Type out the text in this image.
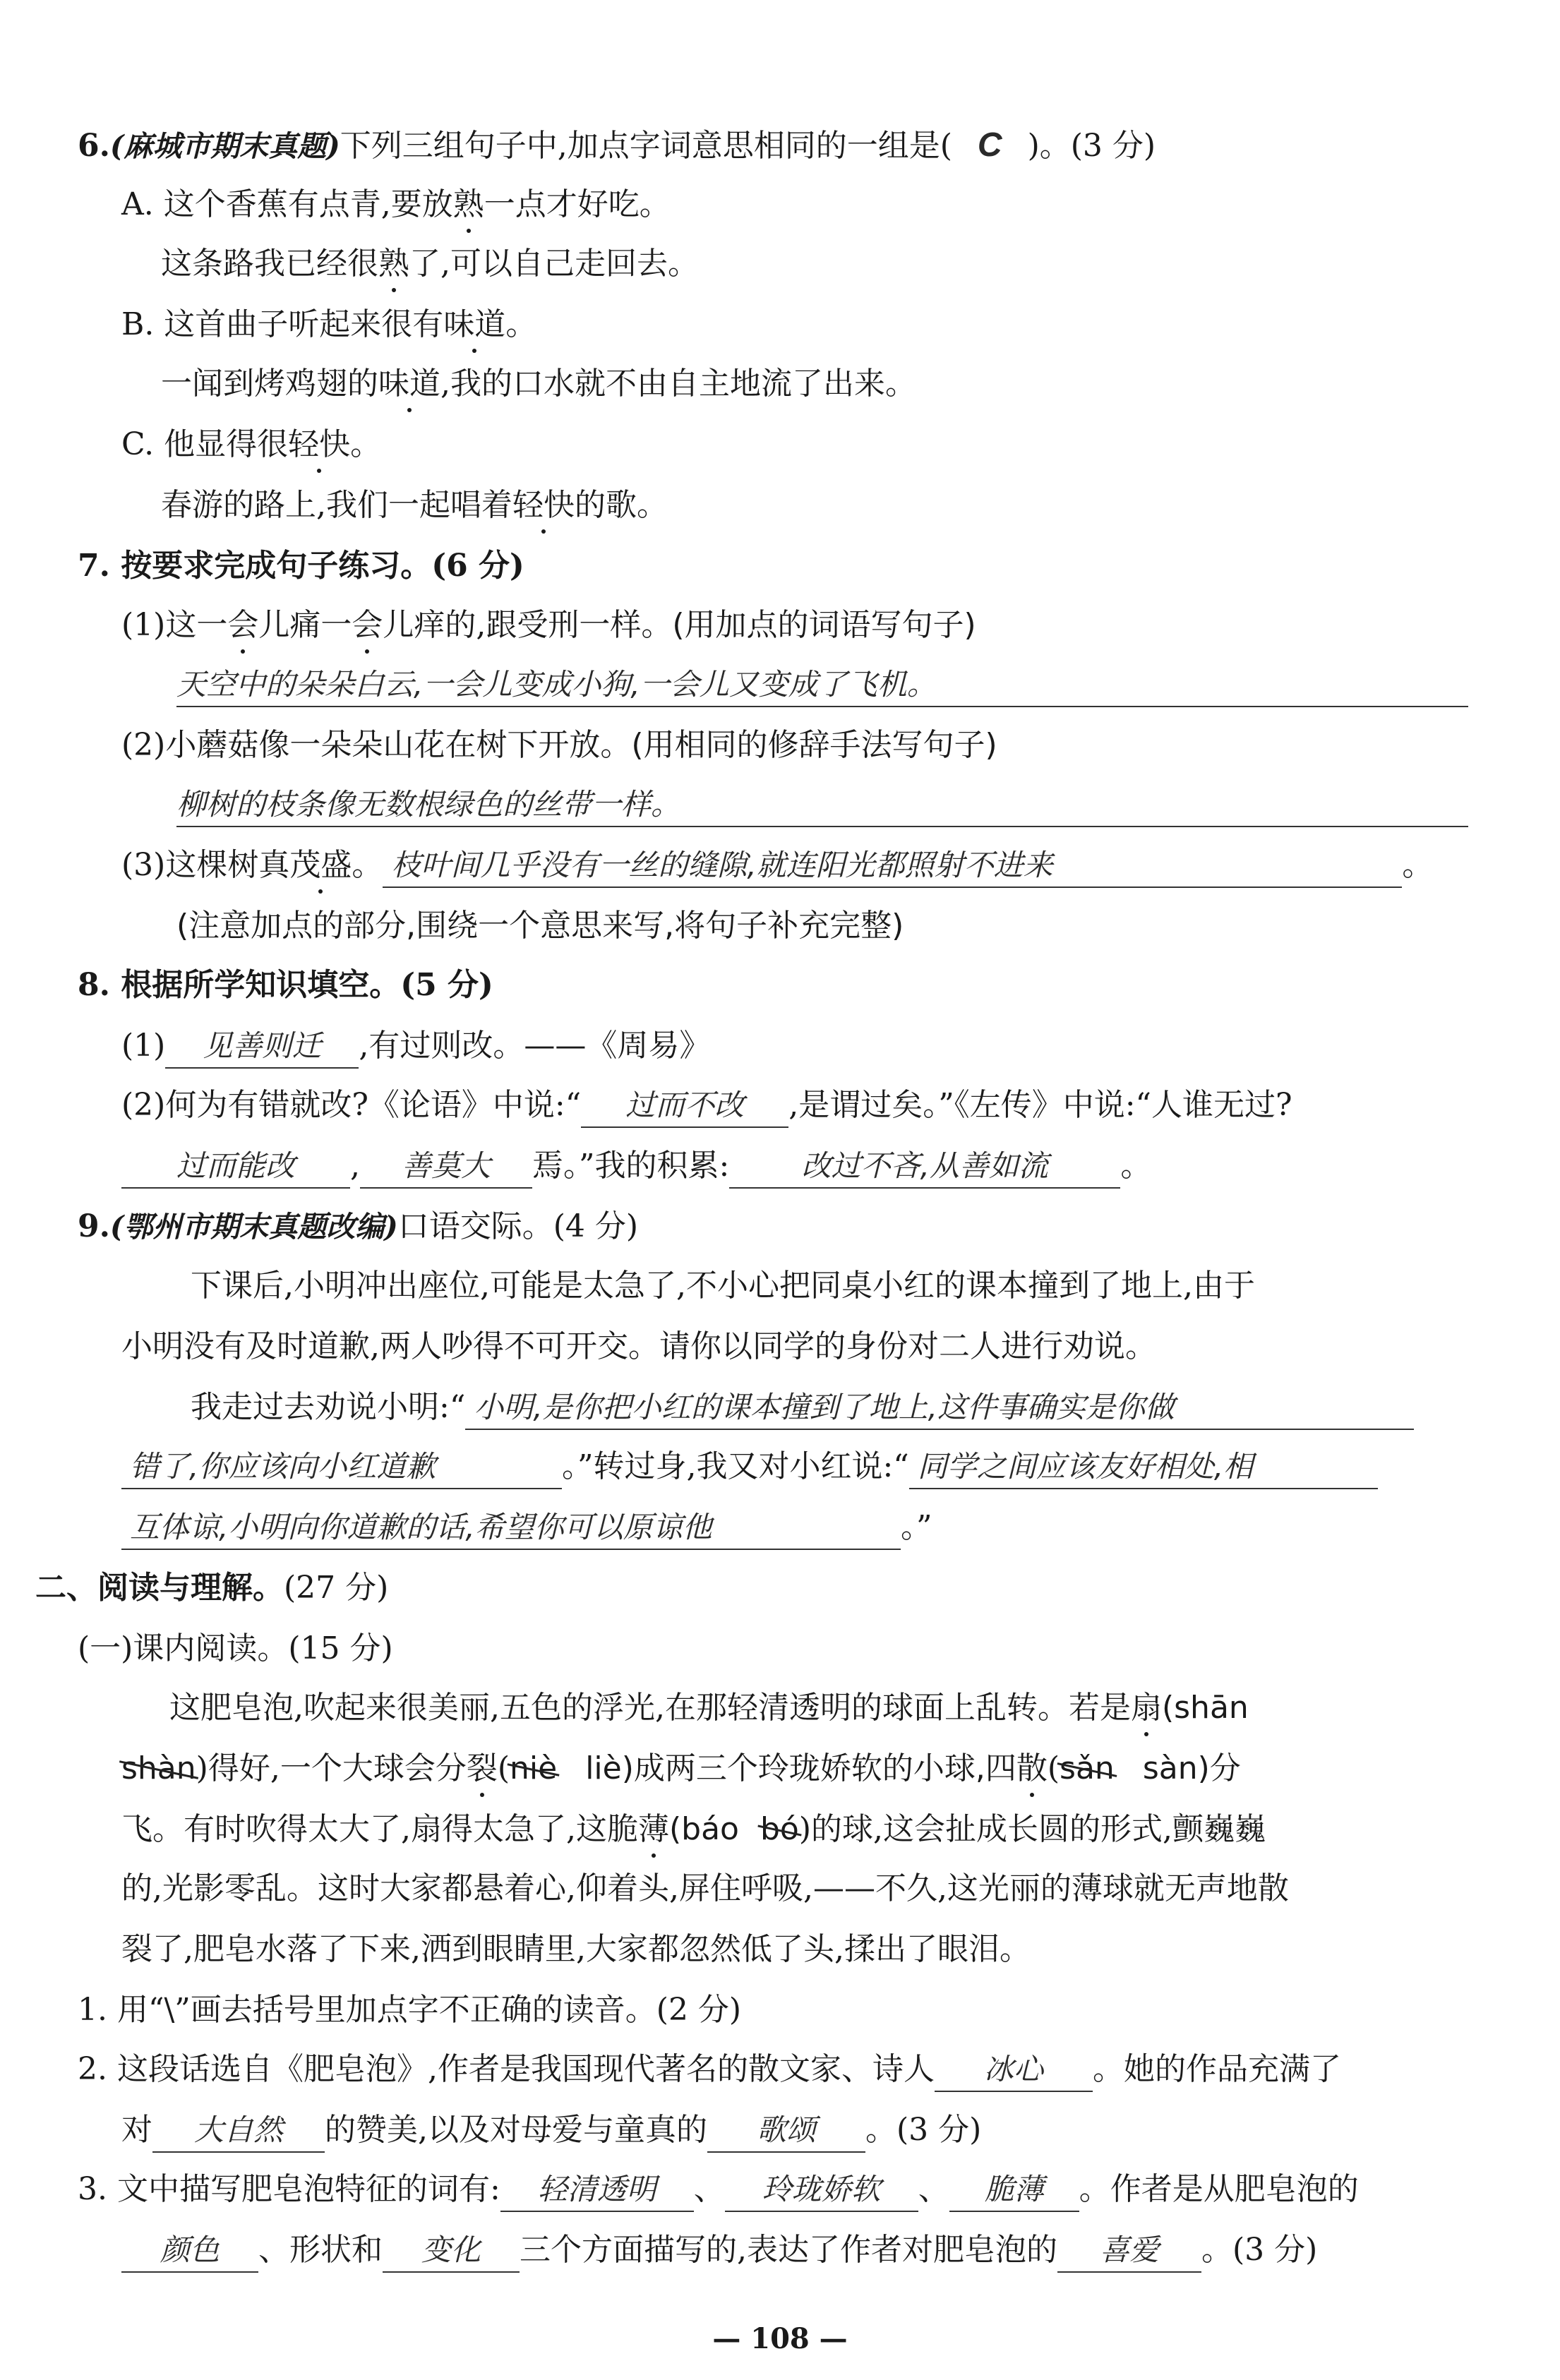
6.(麻城市期末真题)下列三组句子中,加点字词意思相同的一组是( C )。(3 分)
A. 这个香蕉有点青,要放熟一点才好吃。
这条路我已经很熟了,可以自己走回去。
B. 这首曲子听起来很有味道。
一闻到烤鸡翅的味道,我的口水就不由自主地流了出来。
C. 他显得很轻快。
春游的路上,我们一起唱着轻快的歌。
7. 按要求完成句子练习。(6 分)
(1)这一会儿痛一会儿痒的,跟受刑一样。(用加点的词语写句子)
天空中的朵朵白云,一会儿变成小狗,一会儿又变成了飞机。
(2)小蘑菇像一朵朵山花在树下开放。(用相同的修辞手法写句子)
柳树的枝条像无数根绿色的丝带一样。
(3)这棵树真茂盛。 枝叶间几乎没有一丝的缝隙,就连阳光都照射不进来	。
(注意加点的部分,围绕一个意思来写,将句子补充完整)
8. 根据所学知识填空。(5 分)
(1) 见善则迁 ,有过则改。——《周易》
(2)何为有错就改?《论语》中说:“ 过而不改 ,是谓过矣。”《左传》中说:“人谁无过?
过而能改 , 善莫大 焉。”我的积累: 改过不吝,从善如流 。
9.(鄂州市期末真题改编)口语交际。(4 分)
下课后,小明冲出座位,可能是太急了,不小心把同桌小红的课本撞到了地上,由于
小明没有及时道歉,两人吵得不可开交。请你以同学的身份对二人进行劝说。
我走过去劝说小明:“ 小明,是你把小红的课本撞到了地上,这件事确实是你做
错了,你应该向小红道歉	。”转过身,我又对小红说:“ 同学之间应该友好相处,相
互体谅,小明向你道歉的话,希望你可以原谅他	。”
二、阅读与理解。(27 分)
(一)课内阅读。(15 分)
这肥皂泡,吹起来很美丽,五色的浮光,在那轻清透明的球面上乱转。若是扇(shān
shàn)得好,一个大球会分裂(niè liè)成两三个玲珑娇软的小球,四散(sǎn sàn)分
飞。有时吹得太大了,扇得太急了,这脆薄(báo bó)的球,这会扯成长圆的形式,颤巍巍
的,光影零乱。这时大家都悬着心,仰着头,屏住呼吸,——不久,这光丽的薄球就无声地散
裂了,肥皂水落了下来,洒到眼睛里,大家都忽然低了头,揉出了眼泪。
1. 用“\”画去括号里加点字不正确的读音。(2 分)
2. 这段话选自《肥皂泡》,作者是我国现代著名的散文家、诗人 冰心 。她的作品充满了
对 大自然 的赞美,以及对母爱与童真的 歌颂 。(3 分)
3. 文中描写肥皂泡特征的词有: 轻清透明 、 玲珑娇软 、 脆薄 。作者是从肥皂泡的
颜色 、形状和 变化 三个方面描写的,表达了作者对肥皂泡的 喜爱 。(3 分)
— 108 —
